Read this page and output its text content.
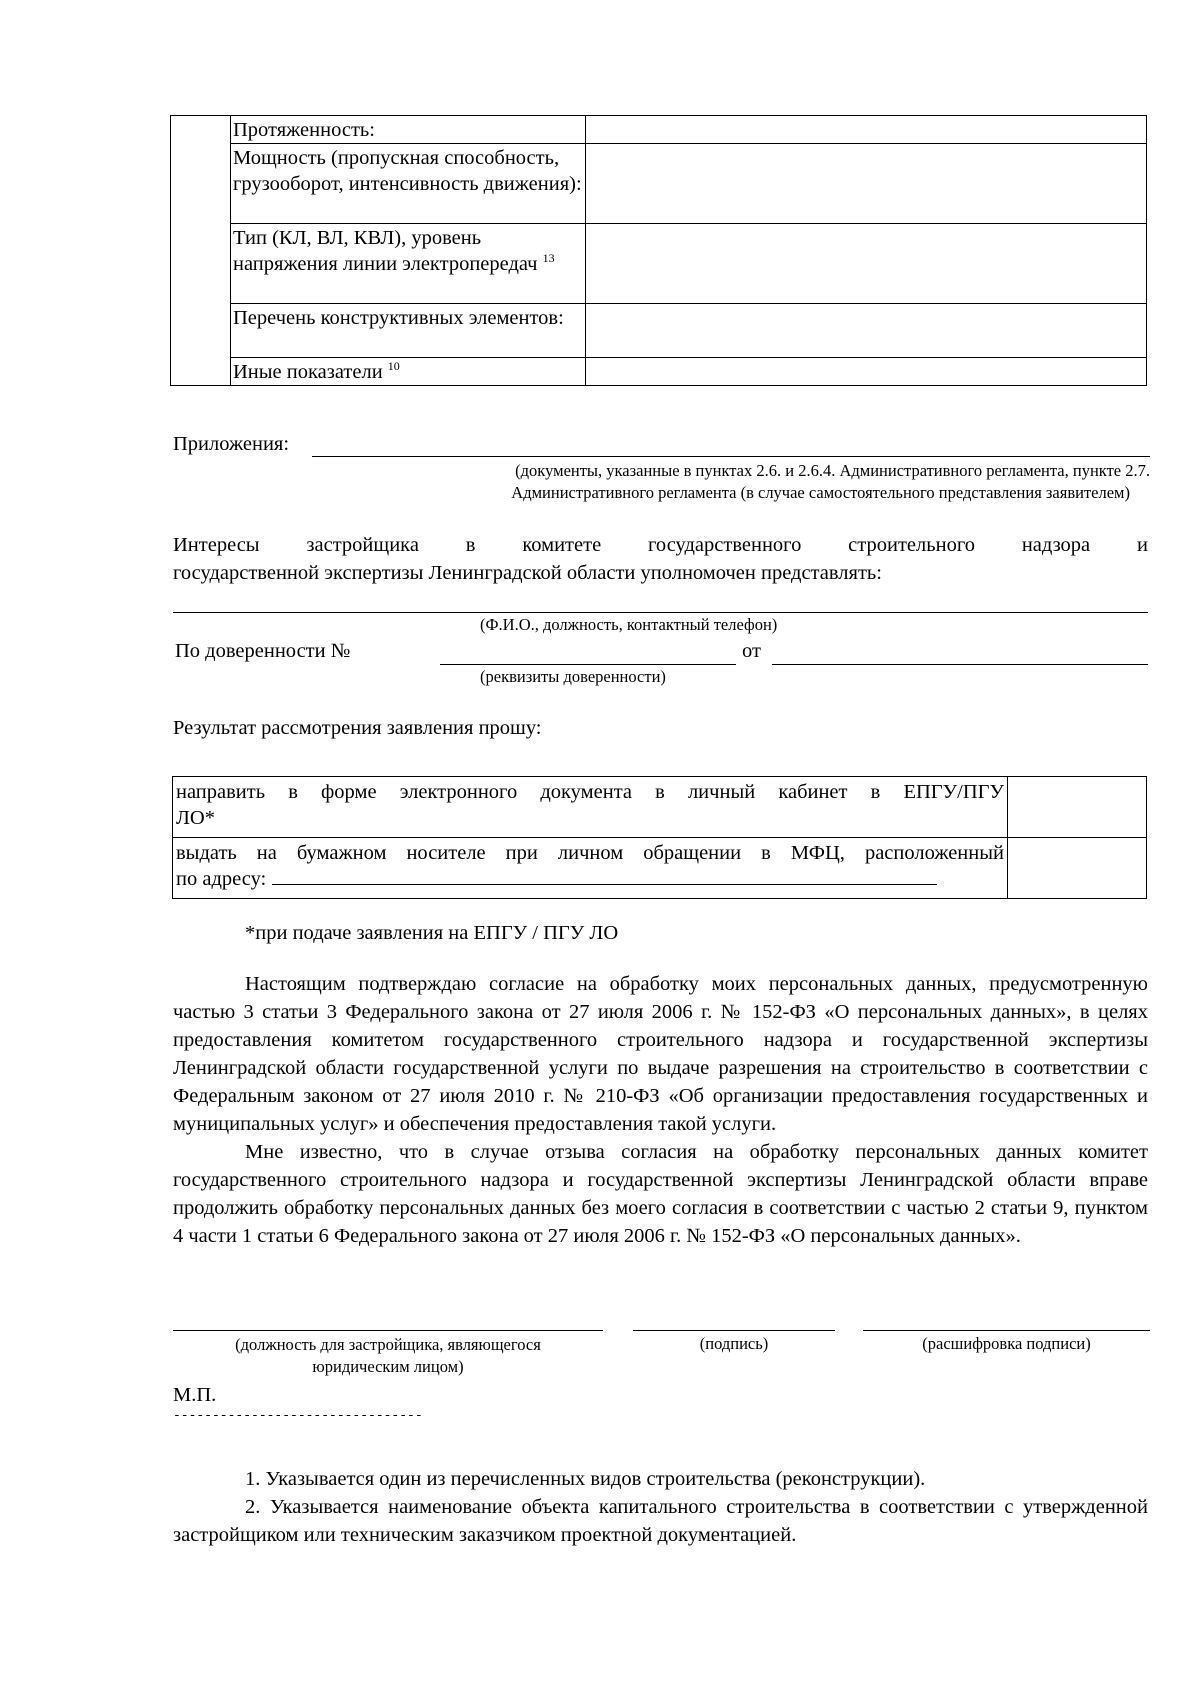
	Протяженность:	
	Мощность (пропускная способность, грузооборот, интенсивность движения):	
	Тип (КЛ, ВЛ, КВЛ), уровень напряжения линии электропередач $^{13}$	
	Перечень конструктивных элементов:	
	Иные показатели $^{10}$	
Приложения:
(документы, указанные в пунктах 2.6. и 2.6.4. Административного регламента, пункте 2.7.
Административного регламента (в случае самостоятельного представления заявителем)
Интересы застройщика в комитете государственного строительного надзора и
государственной экспертизы Ленинградской области уполномочен представлять:
(Ф.И.О., должность, контактный телефон)
По доверенности №	от
(реквизиты доверенности)
Результат рассмотрения заявления прошу:
направить в форме электронного документа в личный кабинет в ЕПГУ/ПГУ
ЛО*	

выдать на бумажном носителе при личном обращении в МФЦ, расположенный
по адресу:	
*при подаче заявления на ЕПГУ / ПГУ ЛО

Настоящим подтверждаю согласие на обработку моих персональных данных, предусмотренную частью 3 статьи 3 Федерального закона от 27 июля 2006 г. № 152-ФЗ «О персональных данных», в целях предоставления комитетом государственного строительного надзора и государственной экспертизы Ленинградской области государственной услуги по выдаче разрешения на строительство в соответствии с Федеральным законом от 27 июля 2010 г. № 210-ФЗ «Об организации предоставления государственных и муниципальных услуг» и обеспечения предоставления такой услуги.

Мне известно, что в случае отзыва согласия на обработку персональных данных комитет государственного строительного надзора и государственной экспертизы Ленинградской области вправе продолжить обработку персональных данных без моего согласия в соответствии с частью 2 статьи 9, пунктом 4 части 1 статьи 6 Федерального закона от 27 июля 2006 г. № 152-ФЗ «О персональных данных».

(должность для застройщика, являющегося
юридическим лицом)
(подпись)	(расшифровка подписи)
М.П.
--------------------------------

1. Указывается один из перечисленных видов строительства (реконструкции).

2. Указывается наименование объекта капитального строительства в соответствии с утвержденной застройщиком или техническим заказчиком проектной документацией.
